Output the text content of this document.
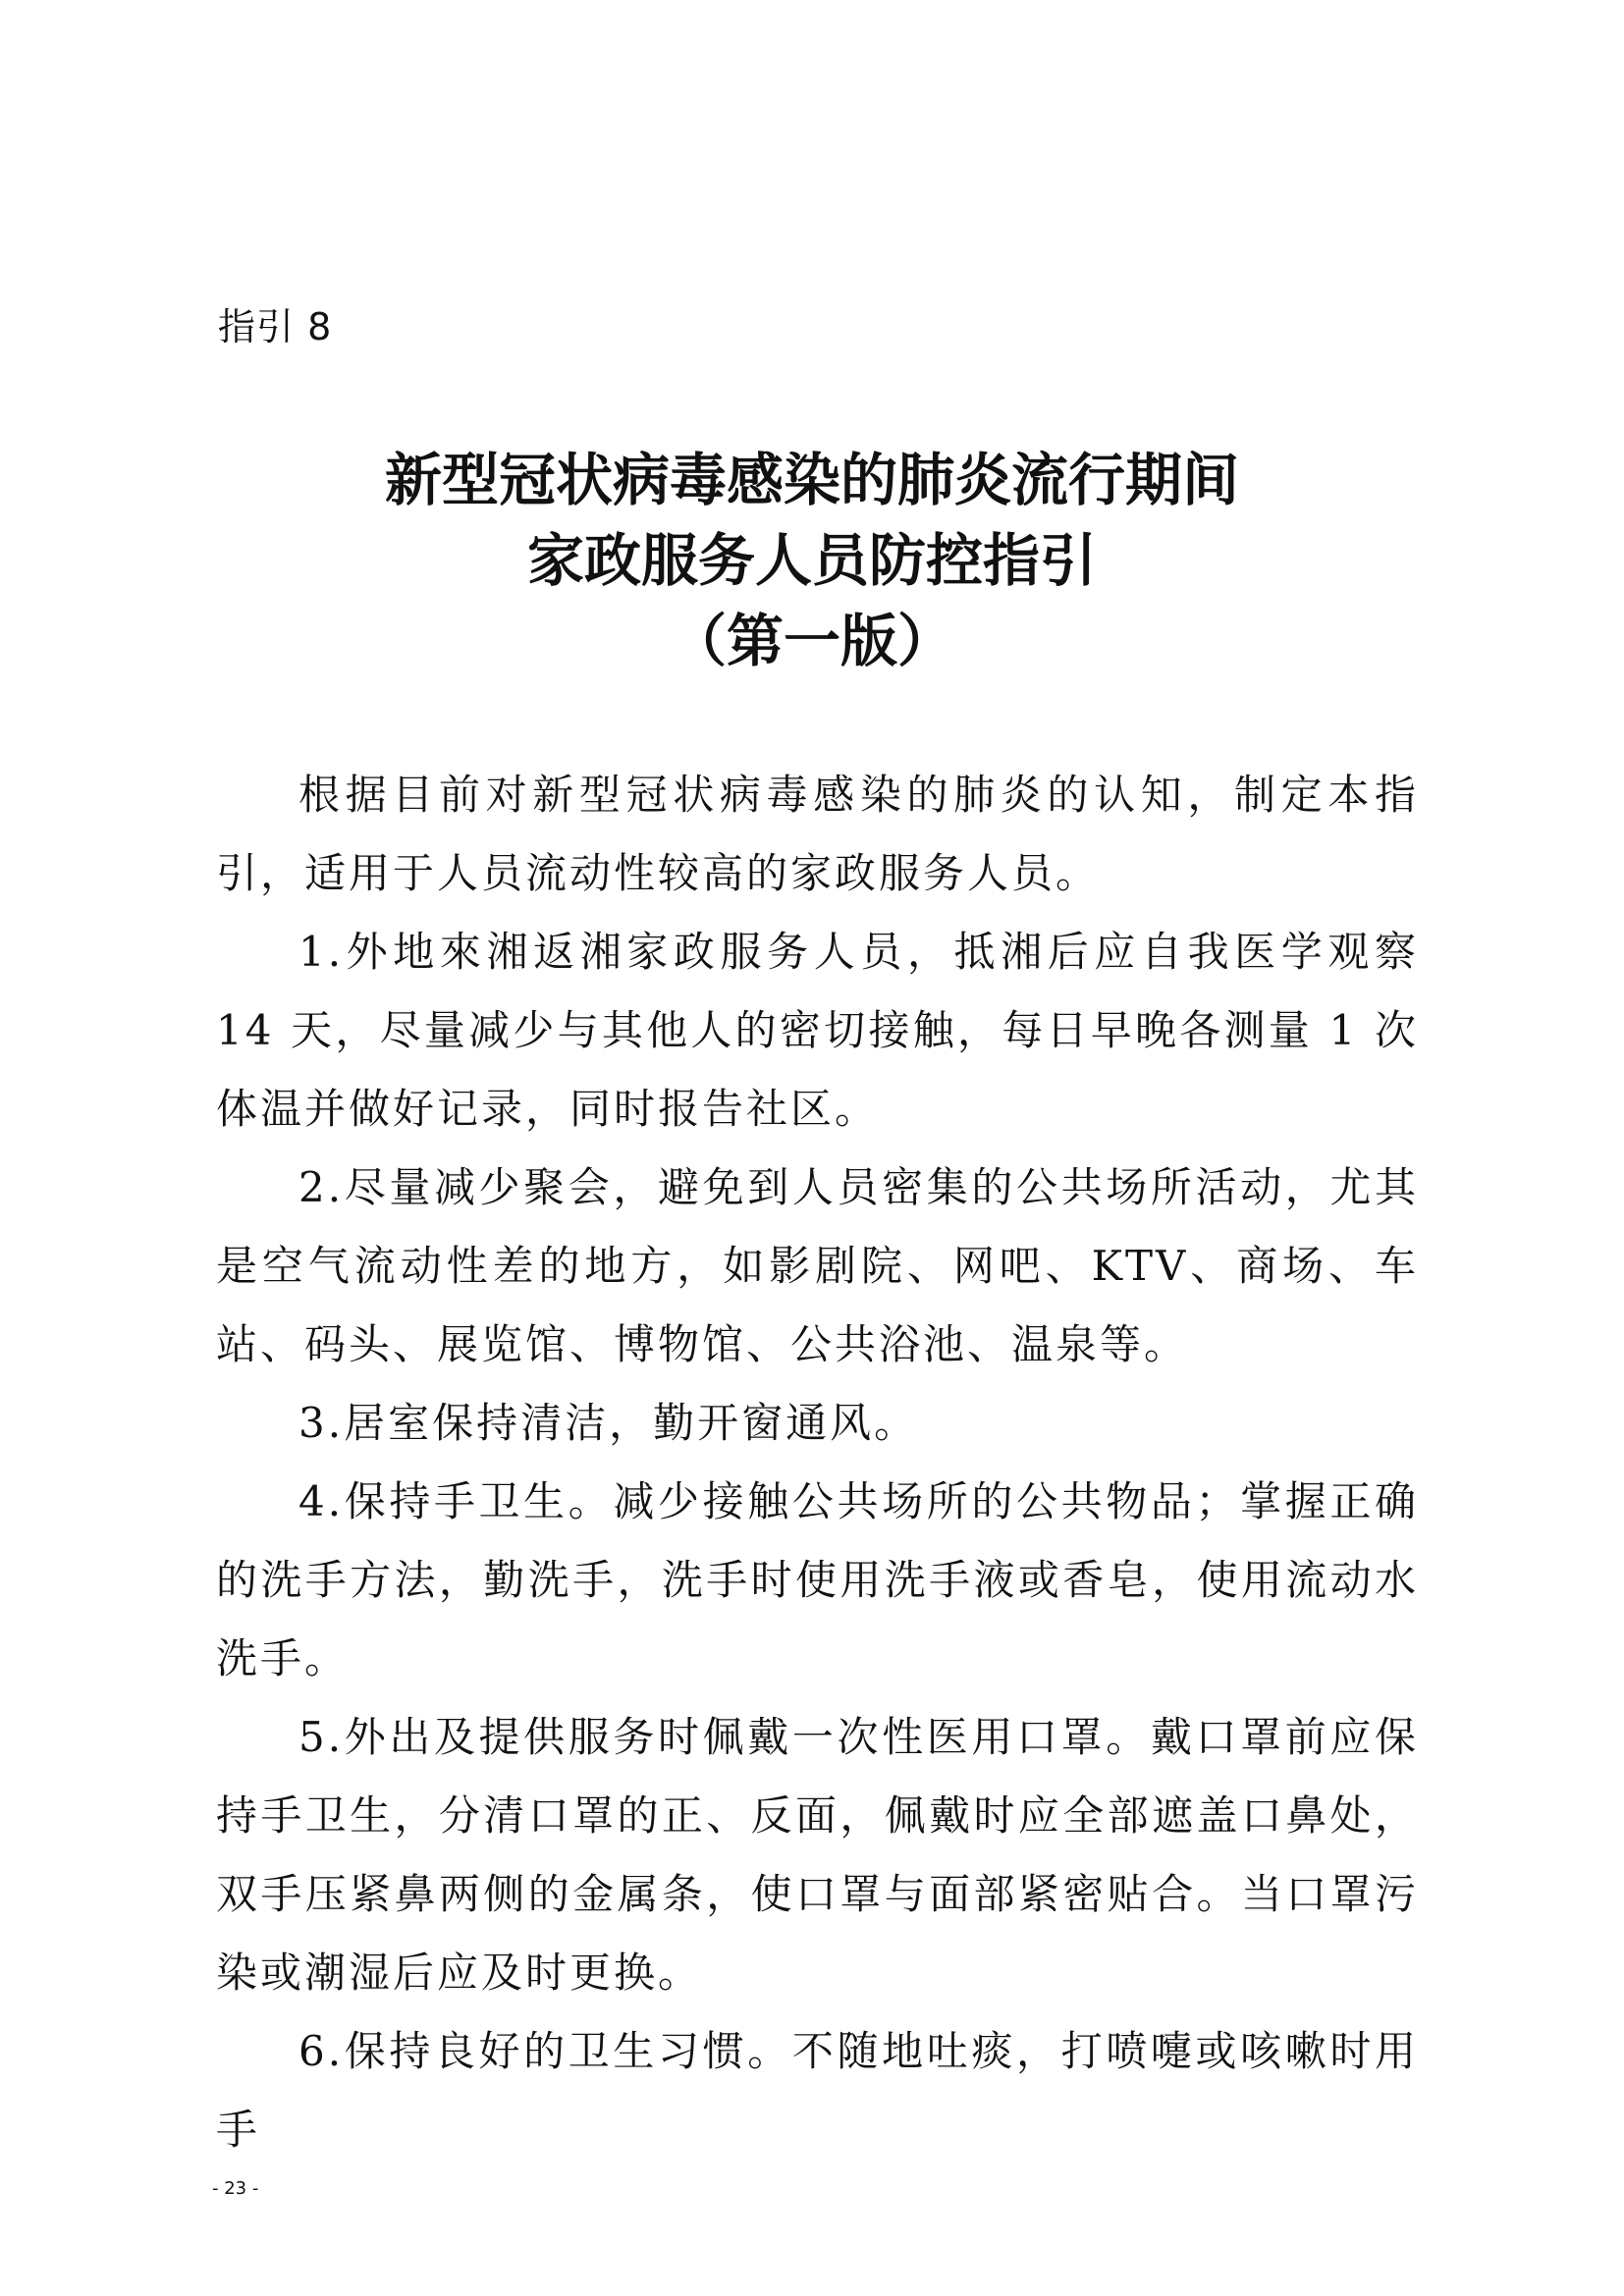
指引 8
新型冠状病毒感染的肺炎流行期间
家政服务人员防控指引
（第一版）

根据目前对新型冠状病毒感染的肺炎的认知，制定本指引，适用于人员流动性较高的家政服务人员。

1.外地來湘返湘家政服务人员，抵湘后应自我医学观察 14 天，尽量减少与其他人的密切接触，每日早晚各测量 1 次体温并做好记录，同时报告社区。

2.尽量减少聚会，避免到人员密集的公共场所活动，尤其是空气流动性差的地方，如影剧院、网吧、KTV、商场、车站、码头、展览馆、博物馆、公共浴池、温泉等。

3.居室保持清洁，勤开窗通风。

4.保持手卫生。减少接触公共场所的公共物品；掌握正确的洗手方法，勤洗手，洗手时使用洗手液或香皂，使用流动水洗手。

5.外出及提供服务时佩戴一次性医用口罩。戴口罩前应保持手卫生，分清口罩的正、反面，佩戴时应全部遮盖口鼻处，双手压紧鼻两侧的金属条，使口罩与面部紧密贴合。当口罩污染或潮湿后应及时更换。

6.保持良好的卫生习惯。不随地吐痰，打喷嚏或咳嗽时用手

- 23 -
